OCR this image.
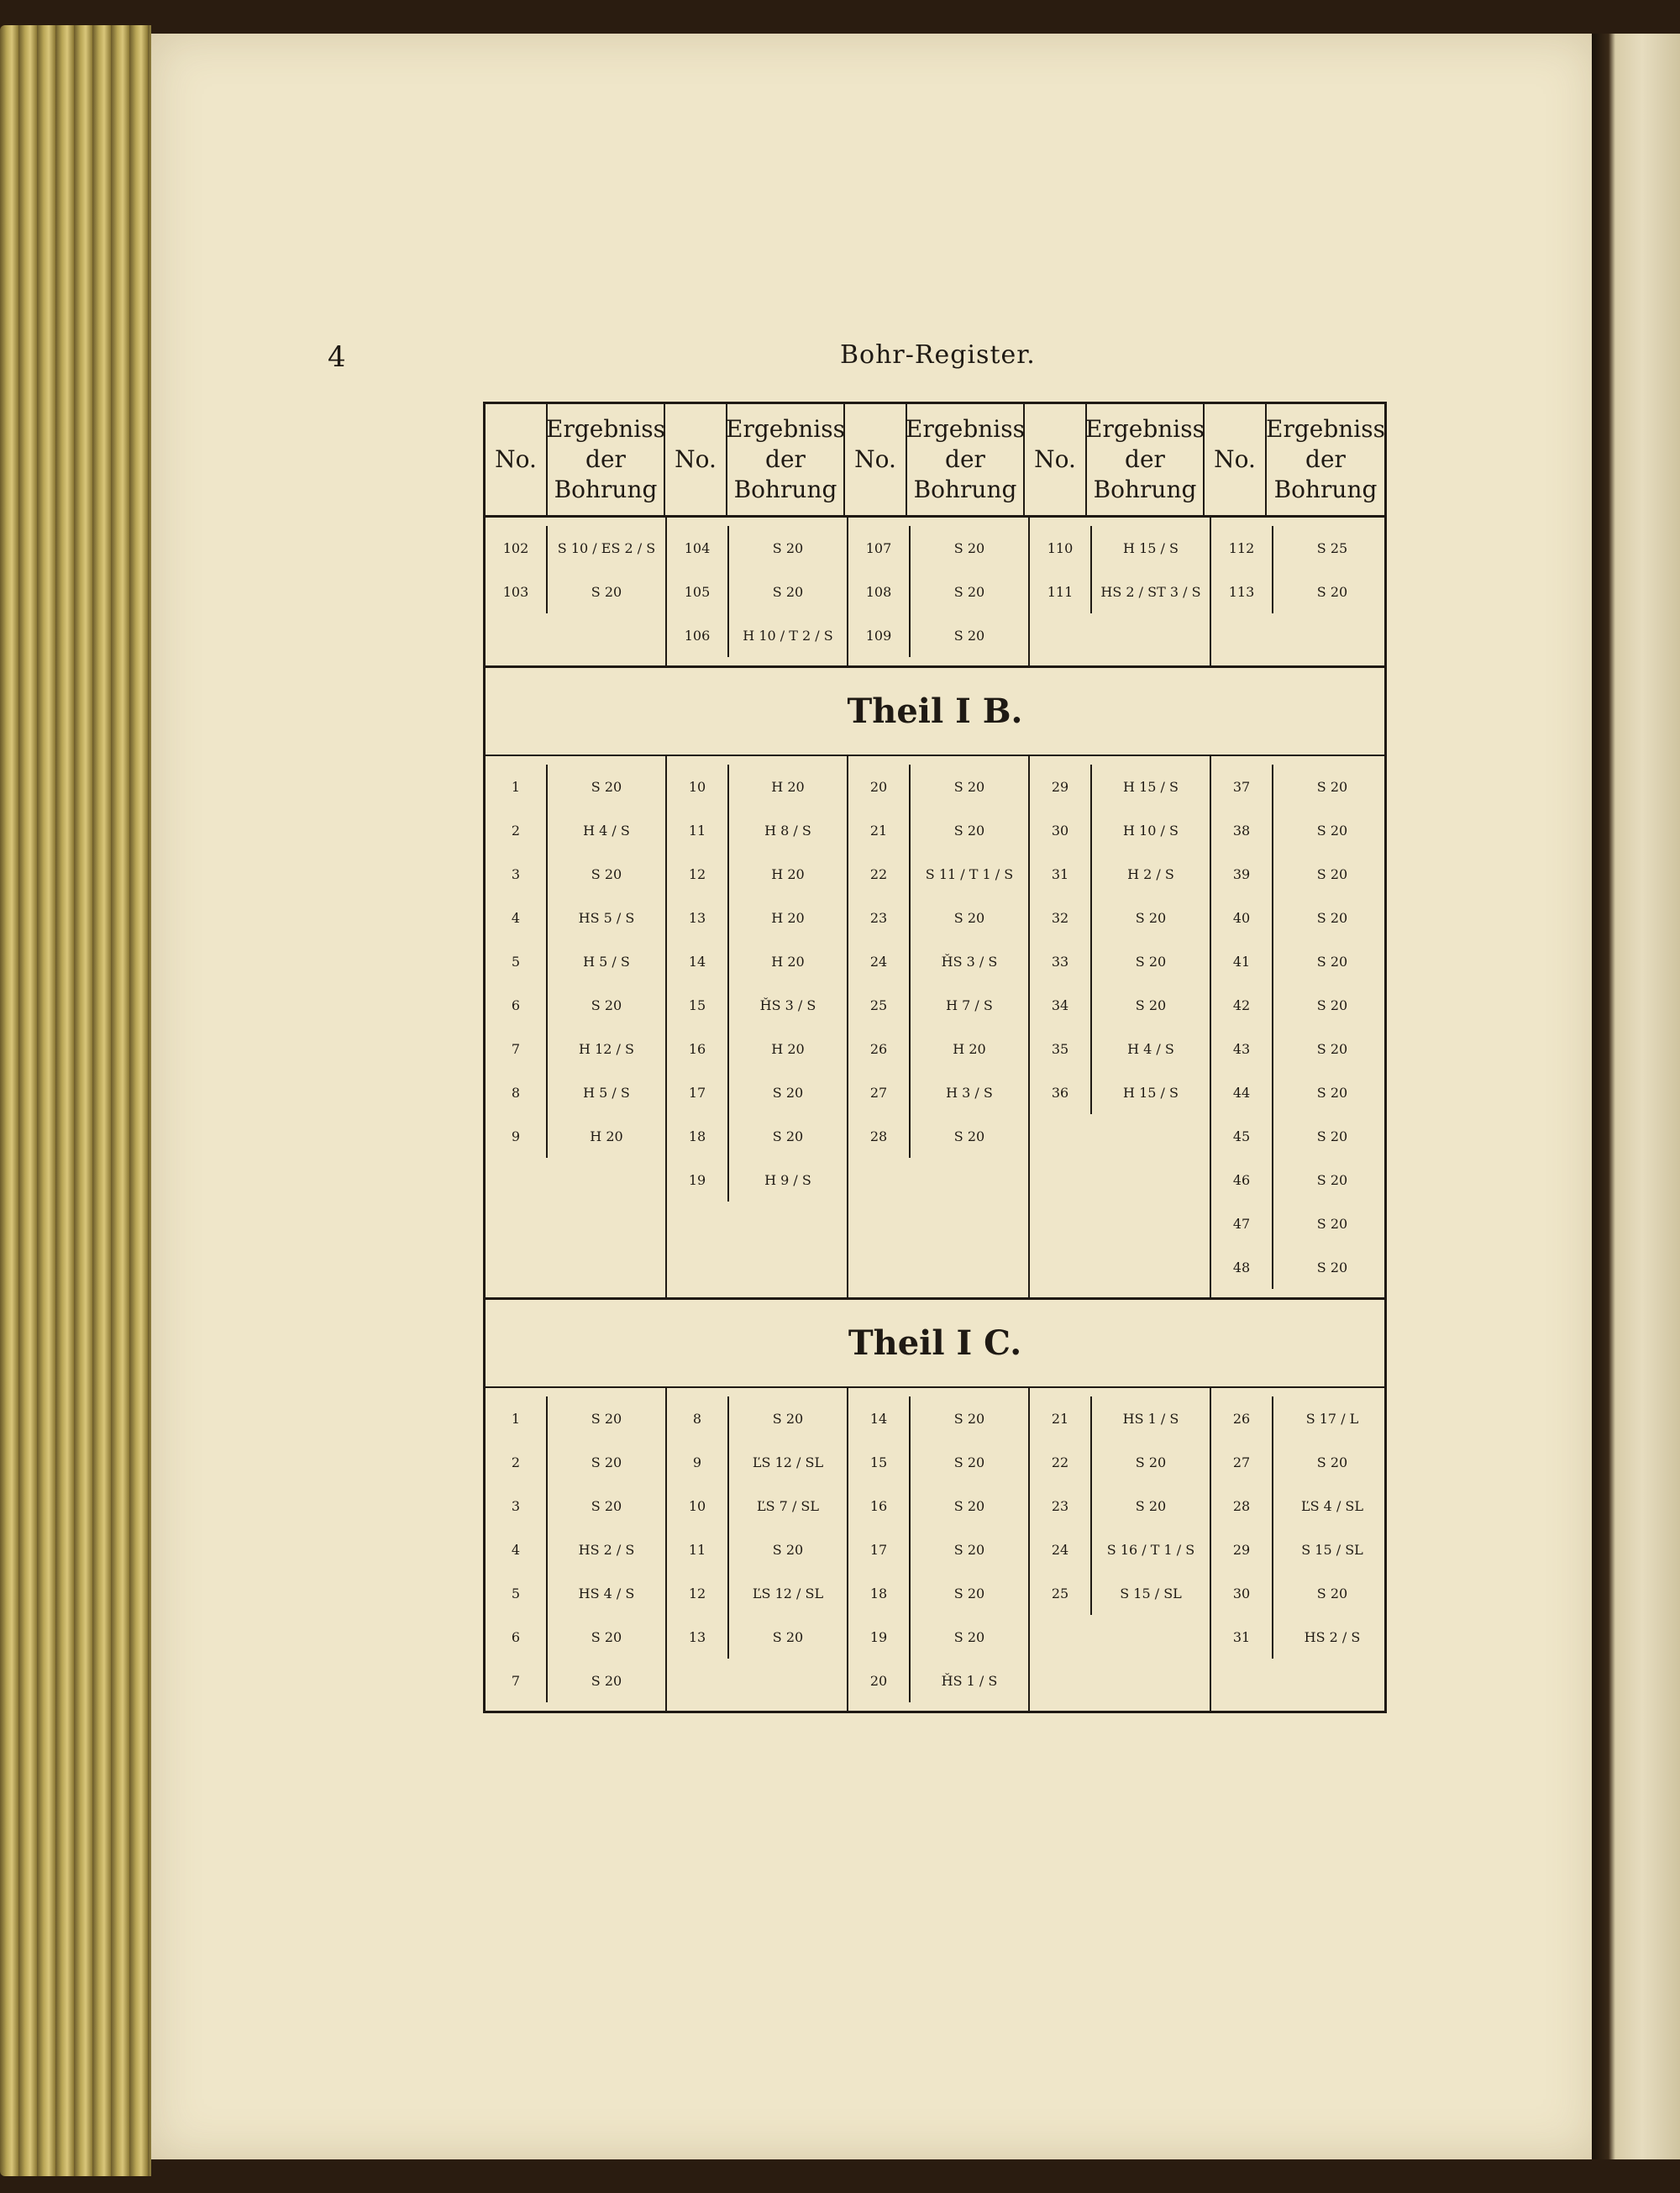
4	Bohr-Register.
No.
Ergebniss
der
Bohrung
No.
Ergebniss
der
Bohrung
No.
Ergebniss
der
Bohrung
No.
Ergebniss
der
Bohrung
No.
Ergebniss
der
Bohrung
102	S 10 / ES 2 / S
103	S 20
104	S 20
105	S 20
106	H 10 / T 2 / S
107	S 20
108	S 20
109	S 20
110	H 15 / S
111	HS 2 / ST 3 / S
112	S 25
113	S 20
Theil I B.
1	S 20
2	H 4 / S
3	S 20
4	HS 5 / S
5	H 5 / S
6	S 20
7	H 12 / S
8	H 5 / S
9	H 20
10	H 20
11	H 8 / S
12	H 20
13	H 20
14	H 20
15	ȞS 3 / S
16	H 20
17	S 20
18	S 20
19	H 9 / S
20	S 20
21	S 20
22	S 11 / T 1 / S
23	S 20
24	ȞS 3 / S
25	H 7 / S
26	H 20
27	H 3 / S
28	S 20
29	H 15 / S
30	H 10 / S
31	H 2 / S
32	S 20
33	S 20
34	S 20
35	H 4 / S
36	H 15 / S
37	S 20
38	S 20
39	S 20
40	S 20
41	S 20
42	S 20
43	S 20
44	S 20
45	S 20
46	S 20
47	S 20
48	S 20
Theil I C.
1	S 20
2	S 20
3	S 20
4	HS 2 / S
5	HS 4 / S
6	S 20
7	S 20
8	S 20
9	ĽS 12 / SL
10	ĽS 7 / SL
11	S 20
12	ĽS 12 / SL
13	S 20
14	S 20
15	S 20
16	S 20
17	S 20
18	S 20
19	S 20
20	ȞS 1 / S
21	HS 1 / S
22	S 20
23	S 20
24	S 16 / T 1 / S
25	S 15 / SL
26	S 17 / L
27	S 20
28	ĽS 4 / SL
29	S 15 / SL
30	S 20
31	HS 2 / S
